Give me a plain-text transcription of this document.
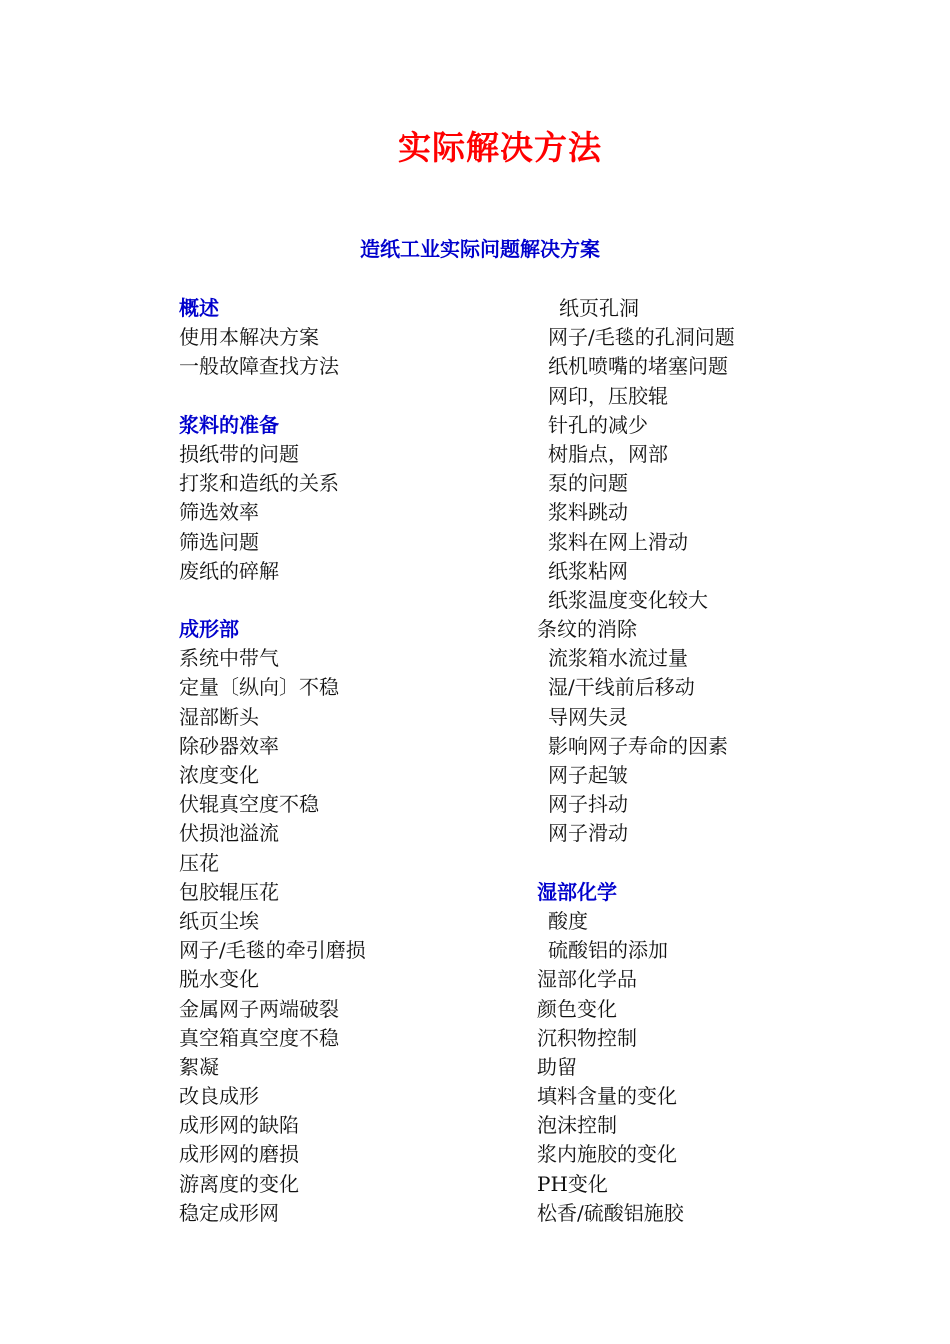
实际解决方法
造纸工业实际问题解决方案
概述
使用本解决方案
一般故障查找方法
浆料的准备
损纸带的问题
打浆和造纸的关系
筛选效率
筛选问题
废纸的碎解
成形部
系统中带气
定量〔纵向〕不稳
湿部断头
除砂器效率
浓度变化
伏辊真空度不稳
伏损池溢流
压花
包胶辊压花
纸页尘埃
网子/毛毯的牵引磨损
脱水变化
金属网子两端破裂
真空箱真空度不稳
絮凝
改良成形
成形网的缺陷
成形网的磨损
游离度的变化
稳定成形网
纸页孔洞
网子/毛毯的孔洞问题
纸机喷嘴的堵塞问题
网印，压胶辊
针孔的减少
树脂点，网部
泵的问题
浆料跳动
浆料在网上滑动
纸浆粘网
纸浆温度变化较大
条纹的消除
流浆箱水流过量
湿/干线前后移动
导网失灵
影响网子寿命的因素
网子起皱
网子抖动
网子滑动
湿部化学
酸度
硫酸铝的添加
湿部化学品
颜色变化
沉积物控制
助留
填料含量的变化
泡沫控制
浆内施胶的变化
PH变化
松香/硫酸铝施胶
